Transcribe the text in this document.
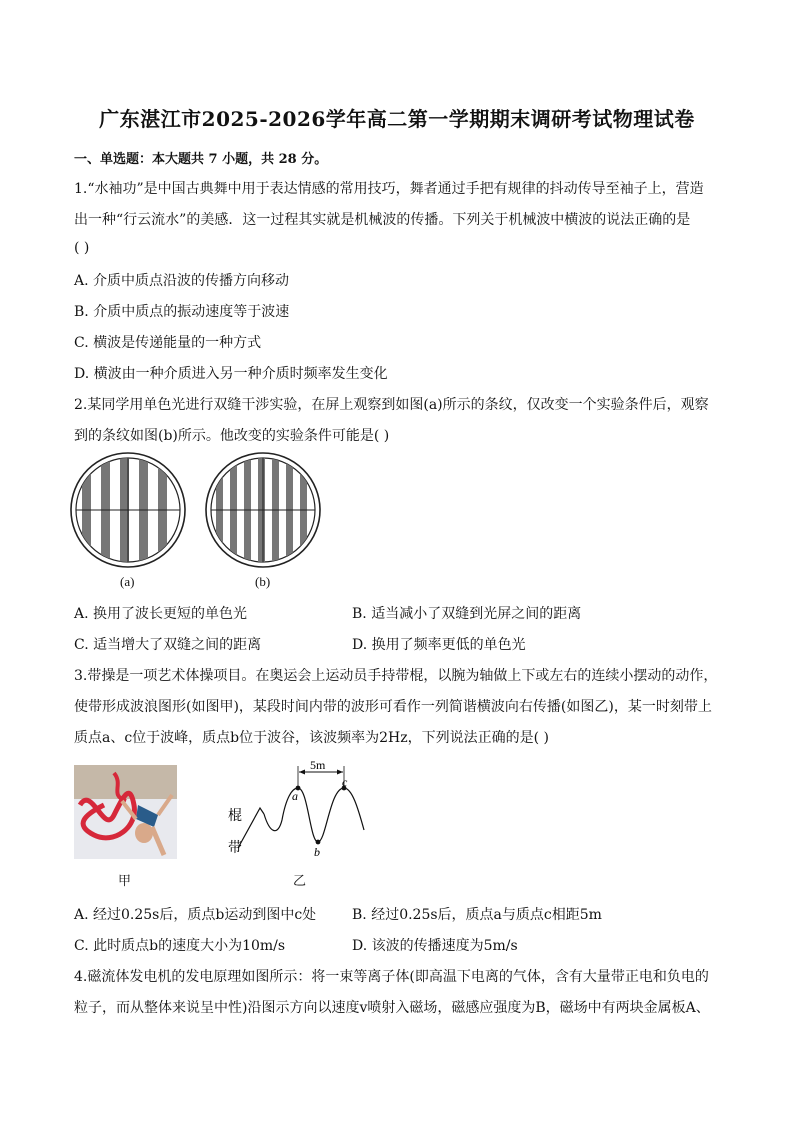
广东湛江市2025-2026学年高二第一学期期末调研考试物理试卷
一、单选题：本大题共 7 小题，共 28 分。
1.“水袖功”是中国古典舞中用于表达情感的常用技巧，舞者通过手把有规律的抖动传导至袖子上，营造
出一种“行云流水”的美感．这一过程其实就是机械波的传播。下列关于机械波中横波的说法正确的是
( )
A. 介质中质点沿波的传播方向移动
B. 介质中质点的振动速度等于波速
C. 横波是传递能量的一种方式
D. 横波由一种介质进入另一种介质时频率发生变化
2.某同学用单色光进行双缝干涉实验，在屏上观察到如图(a)所示的条纹，仅改变一个实验条件后，观察
到的条纹如图(b)所示。他改变的实验条件可能是( )
(a)	(b)
A. 换用了波长更短的单色光	B. 适当减小了双缝到光屏之间的距离
C. 适当增大了双缝之间的距离	D. 换用了频率更低的单色光
3.带操是一项艺术体操项目。在奥运会上运动员手持带棍，以腕为轴做上下或左右的连续小摆动的动作，
使带形成波浪图形(如图甲)，某段时间内带的波形可看作一列简谐横波向右传播(如图乙)，某一时刻带上
质点a、c位于波峰，质点b位于波谷，该波频率为2Hz，下列说法正确的是( )
甲
5m
a
b
c
棍
带
乙
A. 经过0.25s后，质点b运动到图中c处	B. 经过0.25s后，质点a与质点c相距5m
C. 此时质点b的速度大小为10m/s	D. 该波的传播速度为5m/s
4.磁流体发电机的发电原理如图所示：将一束等离子体(即高温下电离的气体，含有大量带正电和负电的
粒子，而从整体来说呈中性)沿图示方向以速度v喷射入磁场，磁感应强度为B，磁场中有两块金属板A、
